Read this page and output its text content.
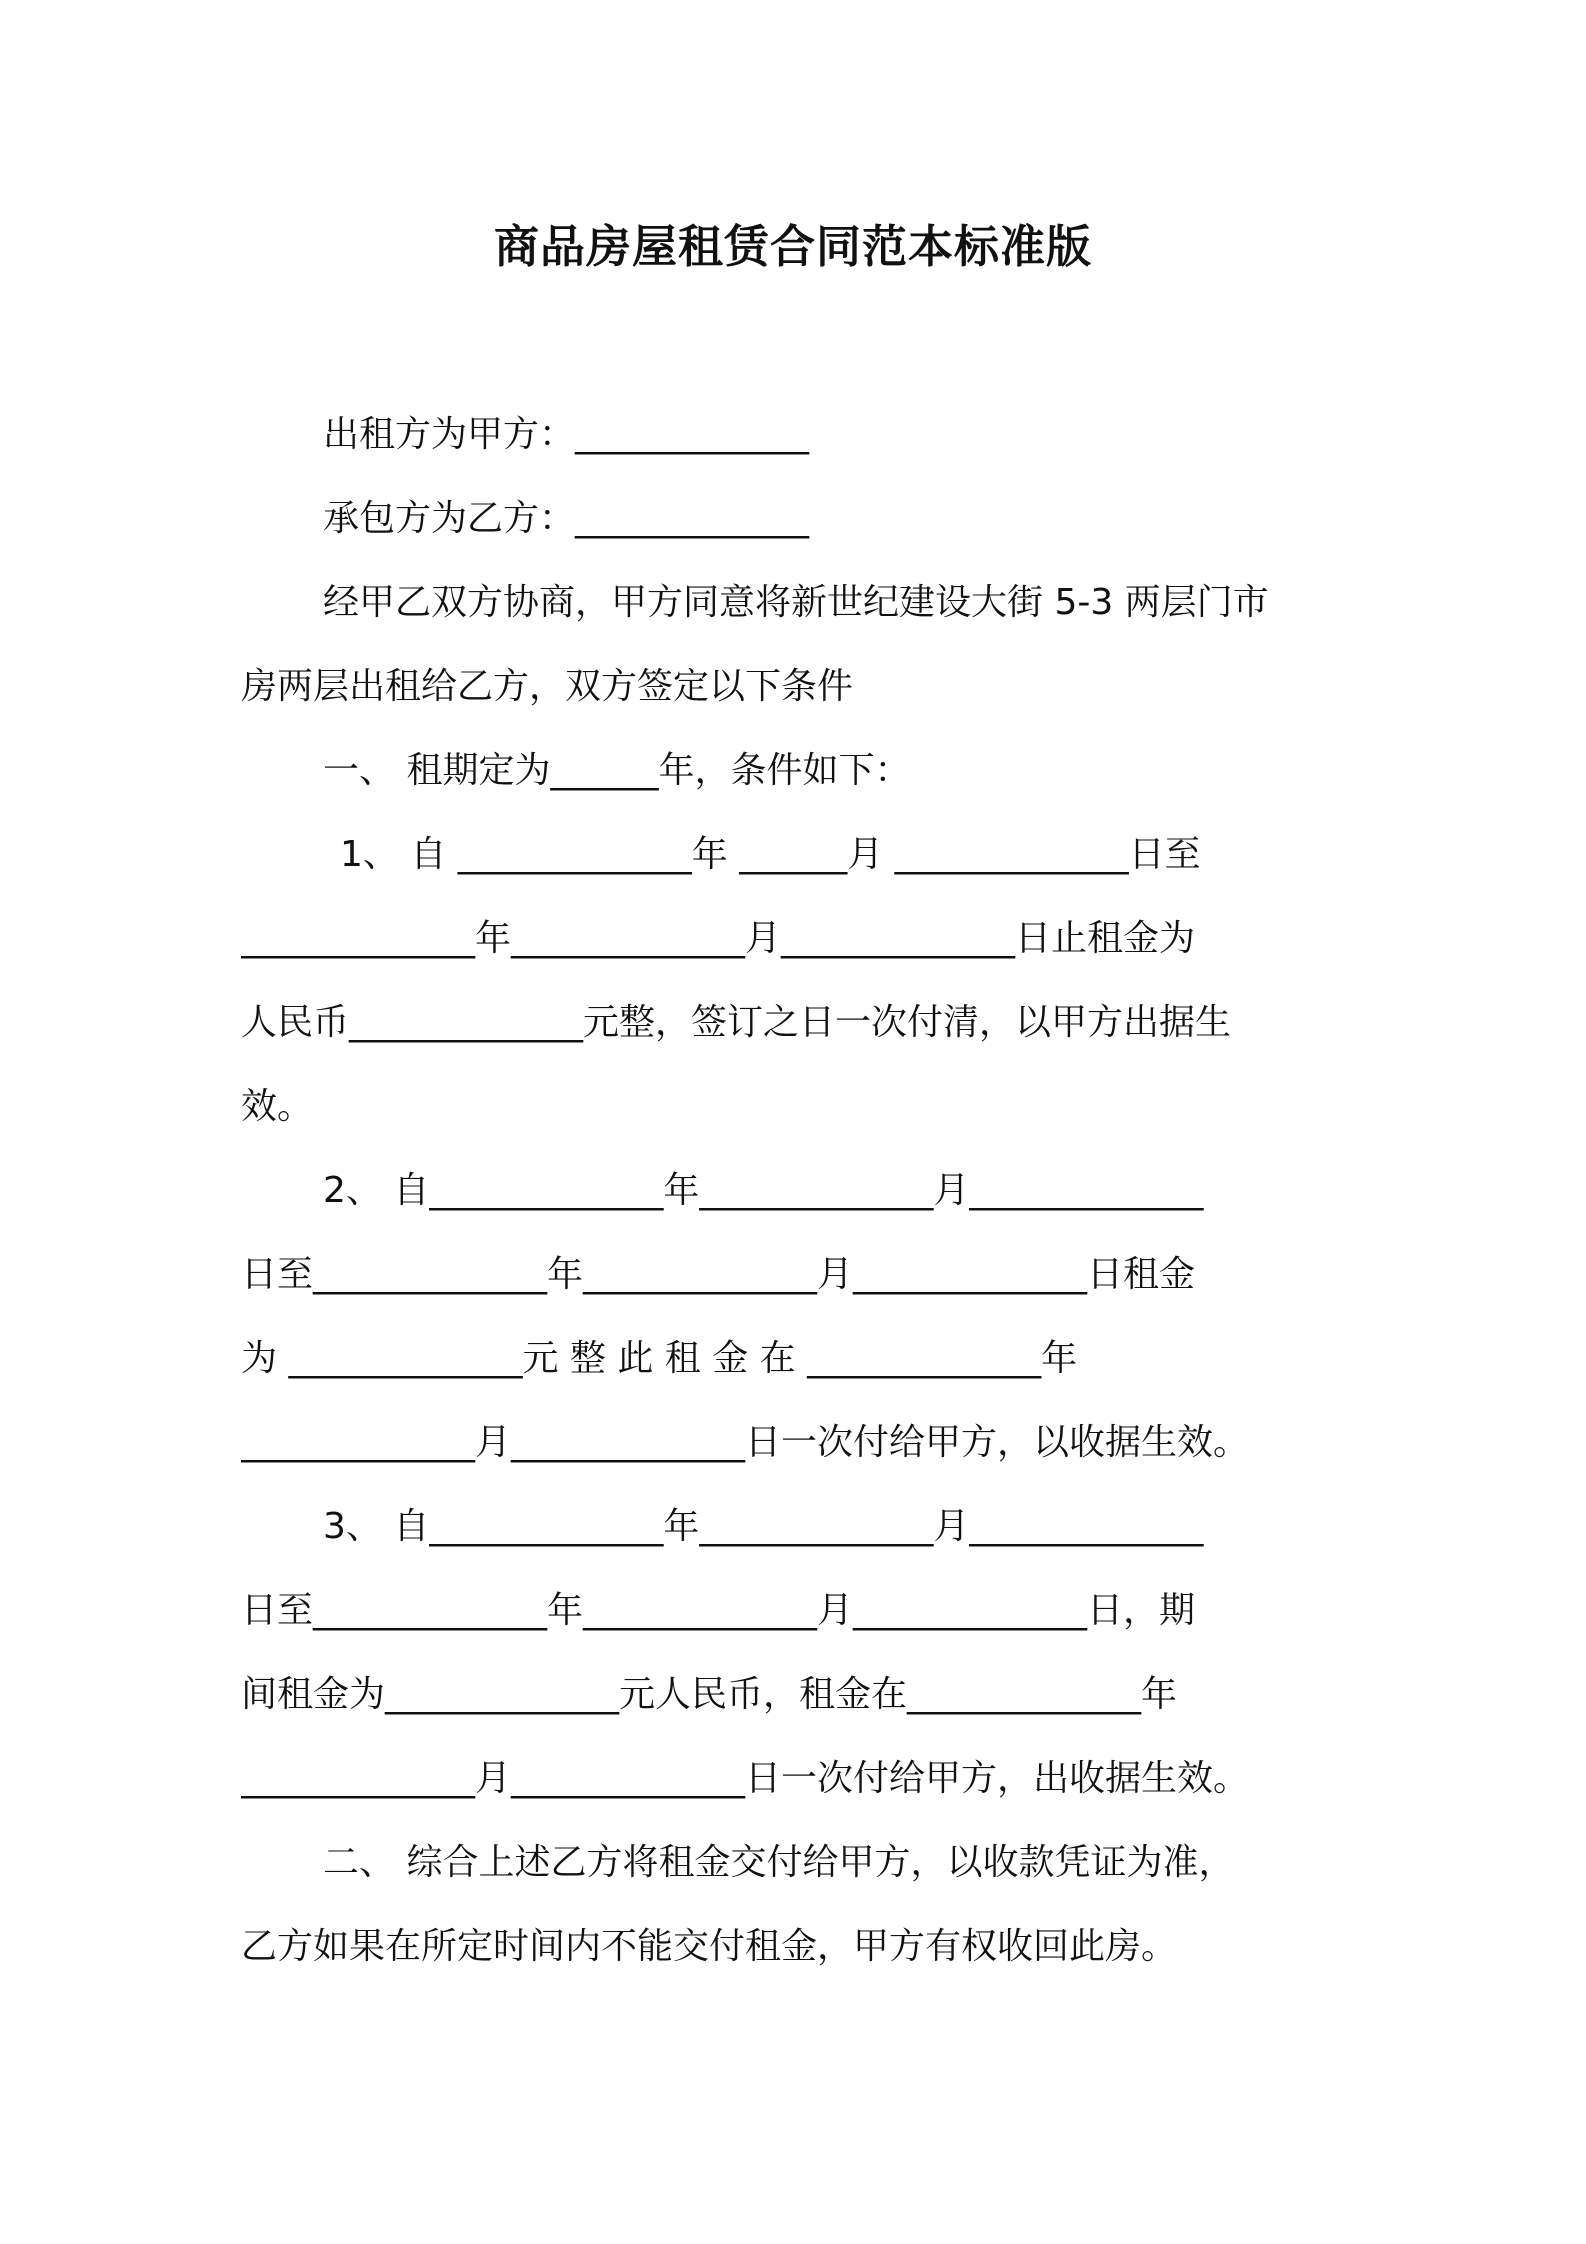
商品房屋租赁合同范本标准版
出租方为甲方：_____________
承包方为乙方：_____________
经甲乙双方协商，甲方同意将新世纪建设大街 5-3 两层门市
房两层出租给乙方，双方签定以下条件
一、 租期定为______年，条件如下：
1、 自 _____________年 ______月 _____________日至
_____________年_____________月_____________日止租金为
人民币_____________元整，签订之日一次付清，以甲方出据生
效。
2、 自_____________年_____________月_____________
日至_____________年_____________月_____________日租金
为 _____________元 整 此 租 金 在 _____________年
_____________月_____________日一次付给甲方，以收据生效。
3、 自_____________年_____________月_____________
日至_____________年_____________月_____________日，期
间租金为_____________元人民币，租金在_____________年
_____________月_____________日一次付给甲方，出收据生效。
二、 综合上述乙方将租金交付给甲方，以收款凭证为准，
乙方如果在所定时间内不能交付租金，甲方有权收回此房。
